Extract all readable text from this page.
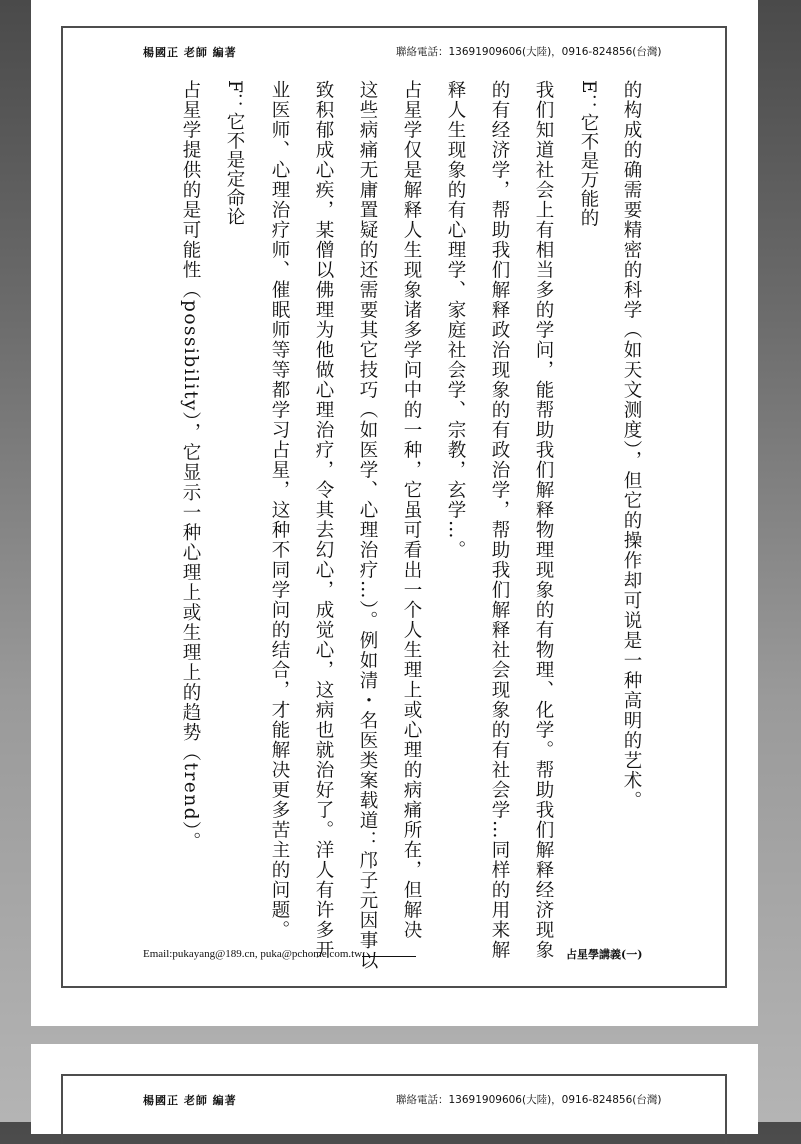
楊國正 老師 編著	聯絡電話：13691909606(大陸)，0916-824856(台灣)
的构成的确需要精密的科学（如天文测度），但它的操作却可说是一种高明的艺术。
E：它不是万能的
我们知道社会上有相当多的学问，能帮助我们解释物理现象的有物理、化学。帮助我们解释经济现象
的有经济学，帮助我们解释政治现象的有政治学，帮助我们解释社会现象的有社会学…同样的用来解
释人生现象的有心理学、家庭社会学、宗教，玄学…。
占星学仅是解释人生现象诸多学问中的一种，它虽可看出一个人生理上或心理的病痛所在，但解决
这些病痛无庸置疑的还需要其它技巧（如医学、心理治疗…）。例如清・名医类案载道：邝子元因事以
致积郁成心疾，某僧以佛理为他做心理治疗，令其去幻心，成觉心，这病也就治好了。洋人有许多开
业医师、心理治疗师、催眠师等等都学习占星，这种不同学问的结合，才能解决更多苦主的问题。
F：它不是定命论
占星学提供的是可能性（possibility），它显示一种心理上或生理上的趋势（trend）。
Email:pukayang@189.cn, puka@pchome.com.tw	占星學講義(一)
楊國正 老師 編著	聯絡電話：13691909606(大陸)，0916-824856(台灣)
